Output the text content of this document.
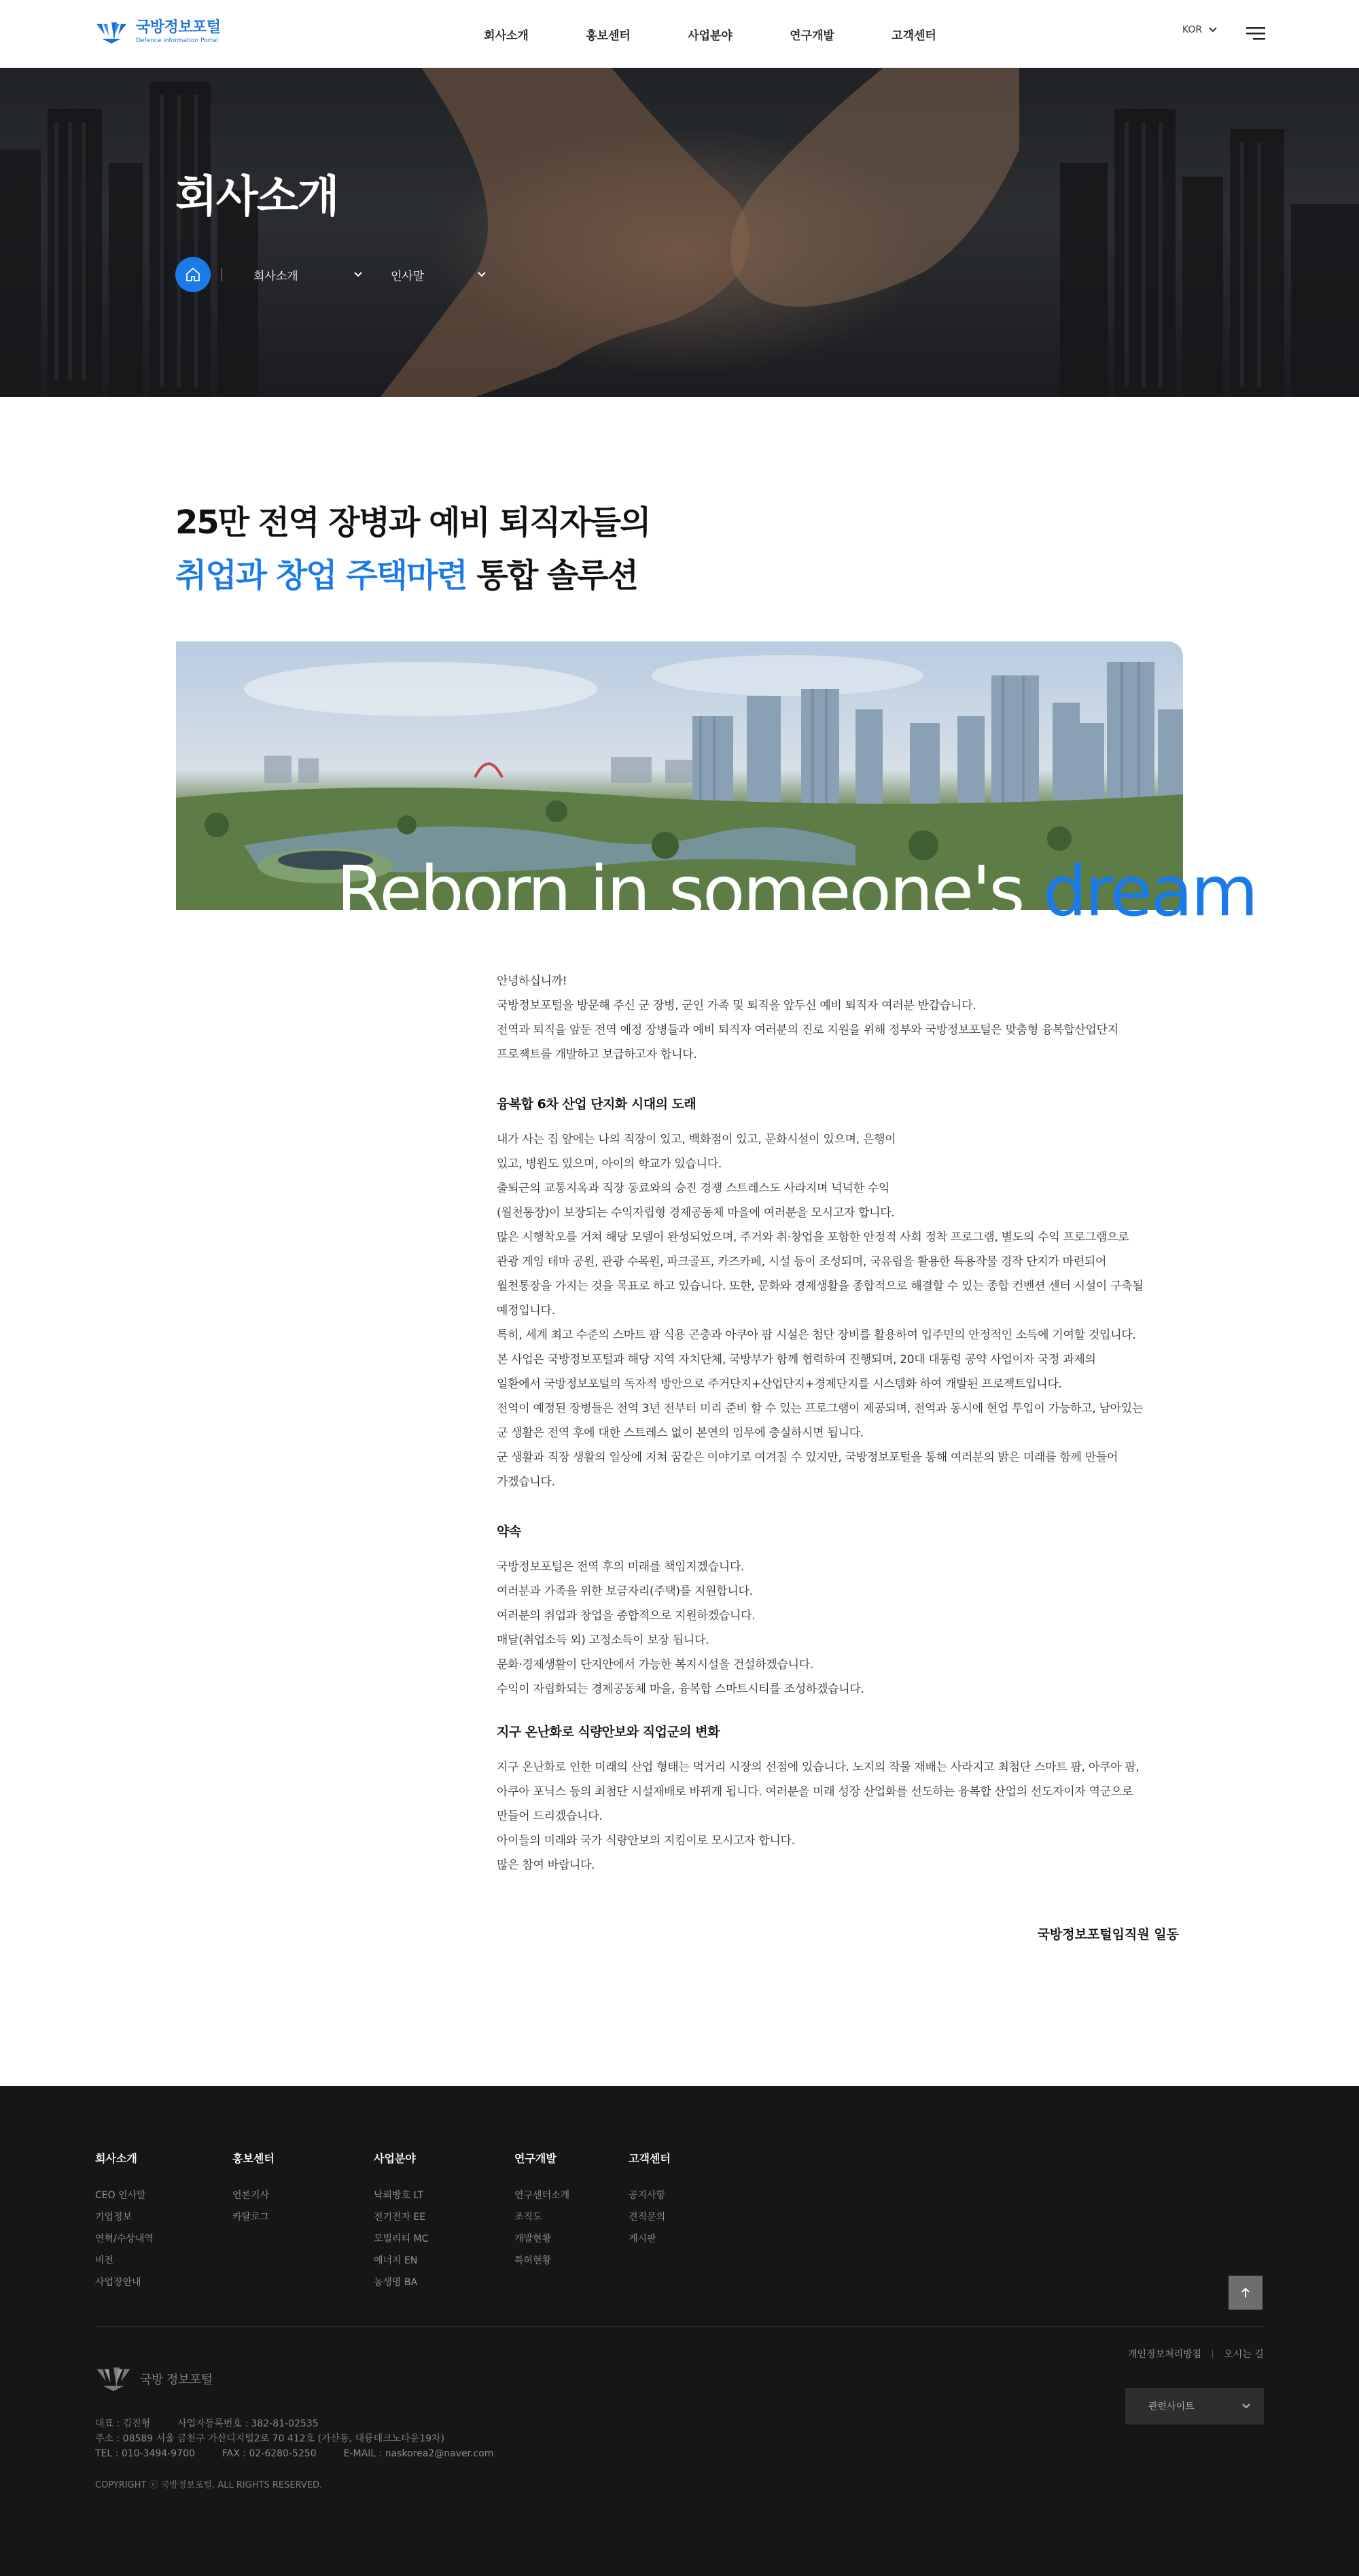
국방정보포털
Defence information Portal	회사소개	홍보센터	사업분야	연구개발	고객센터	KOR
회사소개
회사소개	인사말
25만 전역 장병과 예비 퇴직자들의
취업과 창업 주택마련 통합 솔루션
Reborn in someone's dream

안녕하십니까!

국방정보포털을 방문해 주신 군 장병, 군인 가족 및 퇴직을 앞두신 예비 퇴직자 여러분 반갑습니다.

전역과 퇴직을 앞둔 전역 예정 장병들과 예비 퇴직자 여러분의 진로 지원을 위해 정부와 국방정보포털은 맞춤형 융복합산업단지

프로젝트를 개발하고 보급하고자 합니다.

융복합 6차 산업 단지화 시대의 도래

내가 사는 집 앞에는 나의 직장이 있고, 백화점이 있고, 문화시설이 있으며, 은행이

있고, 병원도 있으며, 아이의 학교가 있습니다.

출퇴근의 교통지옥과 직장 동료와의 승진 경쟁 스트레스도 사라지며 넉넉한 수익

(월천통장)이 보장되는 수익자립형 경제공동체 마을에 여러분을 모시고자 합니다.

많은 시행착오를 거쳐 해당 모델이 완성되었으며, 주거와 취·창업을 포함한 안정적 사회 정착 프로그램, 별도의 수익 프로그램으로

관광 게임 테마 공원, 관광 수목원, 파크골프, 카즈카페, 시설 등이 조성되며, 국유림을 활용한 특용작물 경작 단지가 마련되어

월천통장을 가지는 것을 목표로 하고 있습니다. 또한, 문화와 경제생활을 종합적으로 해결할 수 있는 종합 컨벤션 센터 시설이 구축될

예정입니다.

특히, 세계 최고 수준의 스마트 팜 식용 곤충과 아쿠아 팜 시설은 첨단 장비를 활용하여 입주민의 안정적인 소득에 기여할 것입니다.

본 사업은 국방정보포털과 해당 지역 자치단체, 국방부가 함께 협력하여 진행되며, 20대 대통령 공약 사업이자 국정 과제의

일환에서 국방정보포털의 독자적 방안으로 주거단지+산업단지+경제단지를 시스템화 하여 개발된 프로젝트입니다.

전역이 예정된 장병들은 전역 3년 전부터 미리 준비 할 수 있는 프로그램이 제공되며, 전역과 동시에 현업 투입이 가능하고, 남아있는

군 생활은 전역 후에 대한 스트레스 없이 본연의 임무에 충실하시면 됩니다.

군 생활과 직장 생활의 일상에 지쳐 꿈같은 이야기로 여겨질 수 있지만, 국방정보포털을 통해 여러분의 밝은 미래를 함께 만들어

가겠습니다.

약속

국방정보포털은 전역 후의 미래를 책임지겠습니다.

여러분과 가족을 위한 보금자리(주택)를 지원합니다.

여러분의 취업과 창업을 종합적으로 지원하겠습니다.

매달(취업소득 외) 고정소득이 보장 됩니다.

문화·경제생활이 단지안에서 가능한 복지시설을 건설하겠습니다.

수익이 자립화되는 경제공동체 마을, 융복합 스마트시티를 조성하겠습니다.

지구 온난화로 식량안보와 직업군의 변화

지구 온난화로 인한 미래의 산업 형태는 먹거리 시장의 선점에 있습니다. 노지의 작물 재배는 사라지고 최첨단 스마트 팜, 아쿠아 팜,

아쿠아 포닉스 등의 최첨단 시설재배로 바뀌게 됩니다. 여러분을 미래 성장 산업화를 선도하는 융복합 산업의 선도자이자 역군으로

만들어 드리겠습니다.

아이들의 미래와 국가 식량안보의 지킴이로 모시고자 합니다.

많은 참여 바랍니다.

국방정보포털임직원 일동
회사소개
CEO 인사말
기업정보
연혁/수상내역
비전
사업장안내
홍보센터
언론기사
카탈로그
사업분야
낙뢰방호 LT
전기전자 EE
모빌리티 MC
에너지 EN
농생명 BA
연구개발
연구센터소개
조직도
개발현황
특허현황
고객센터
공지사항
견적문의
게시판
개인정보처리방침 오시는 길
국방 정보포털
관련사이트
대표 : 김진형	사업자등록번호 : 382-81-02535
주소 : 08589 서울 금천구 가산디지털2로 70 412호 (가산동, 대륭테크노타운19차)
TEL : 010-3494-9700	FAX : 02-6280-5250	E-MAIL : naskorea2@naver.com
COPYRIGHT ⓒ 국방정보포털. ALL RIGHTS RESERVED.
